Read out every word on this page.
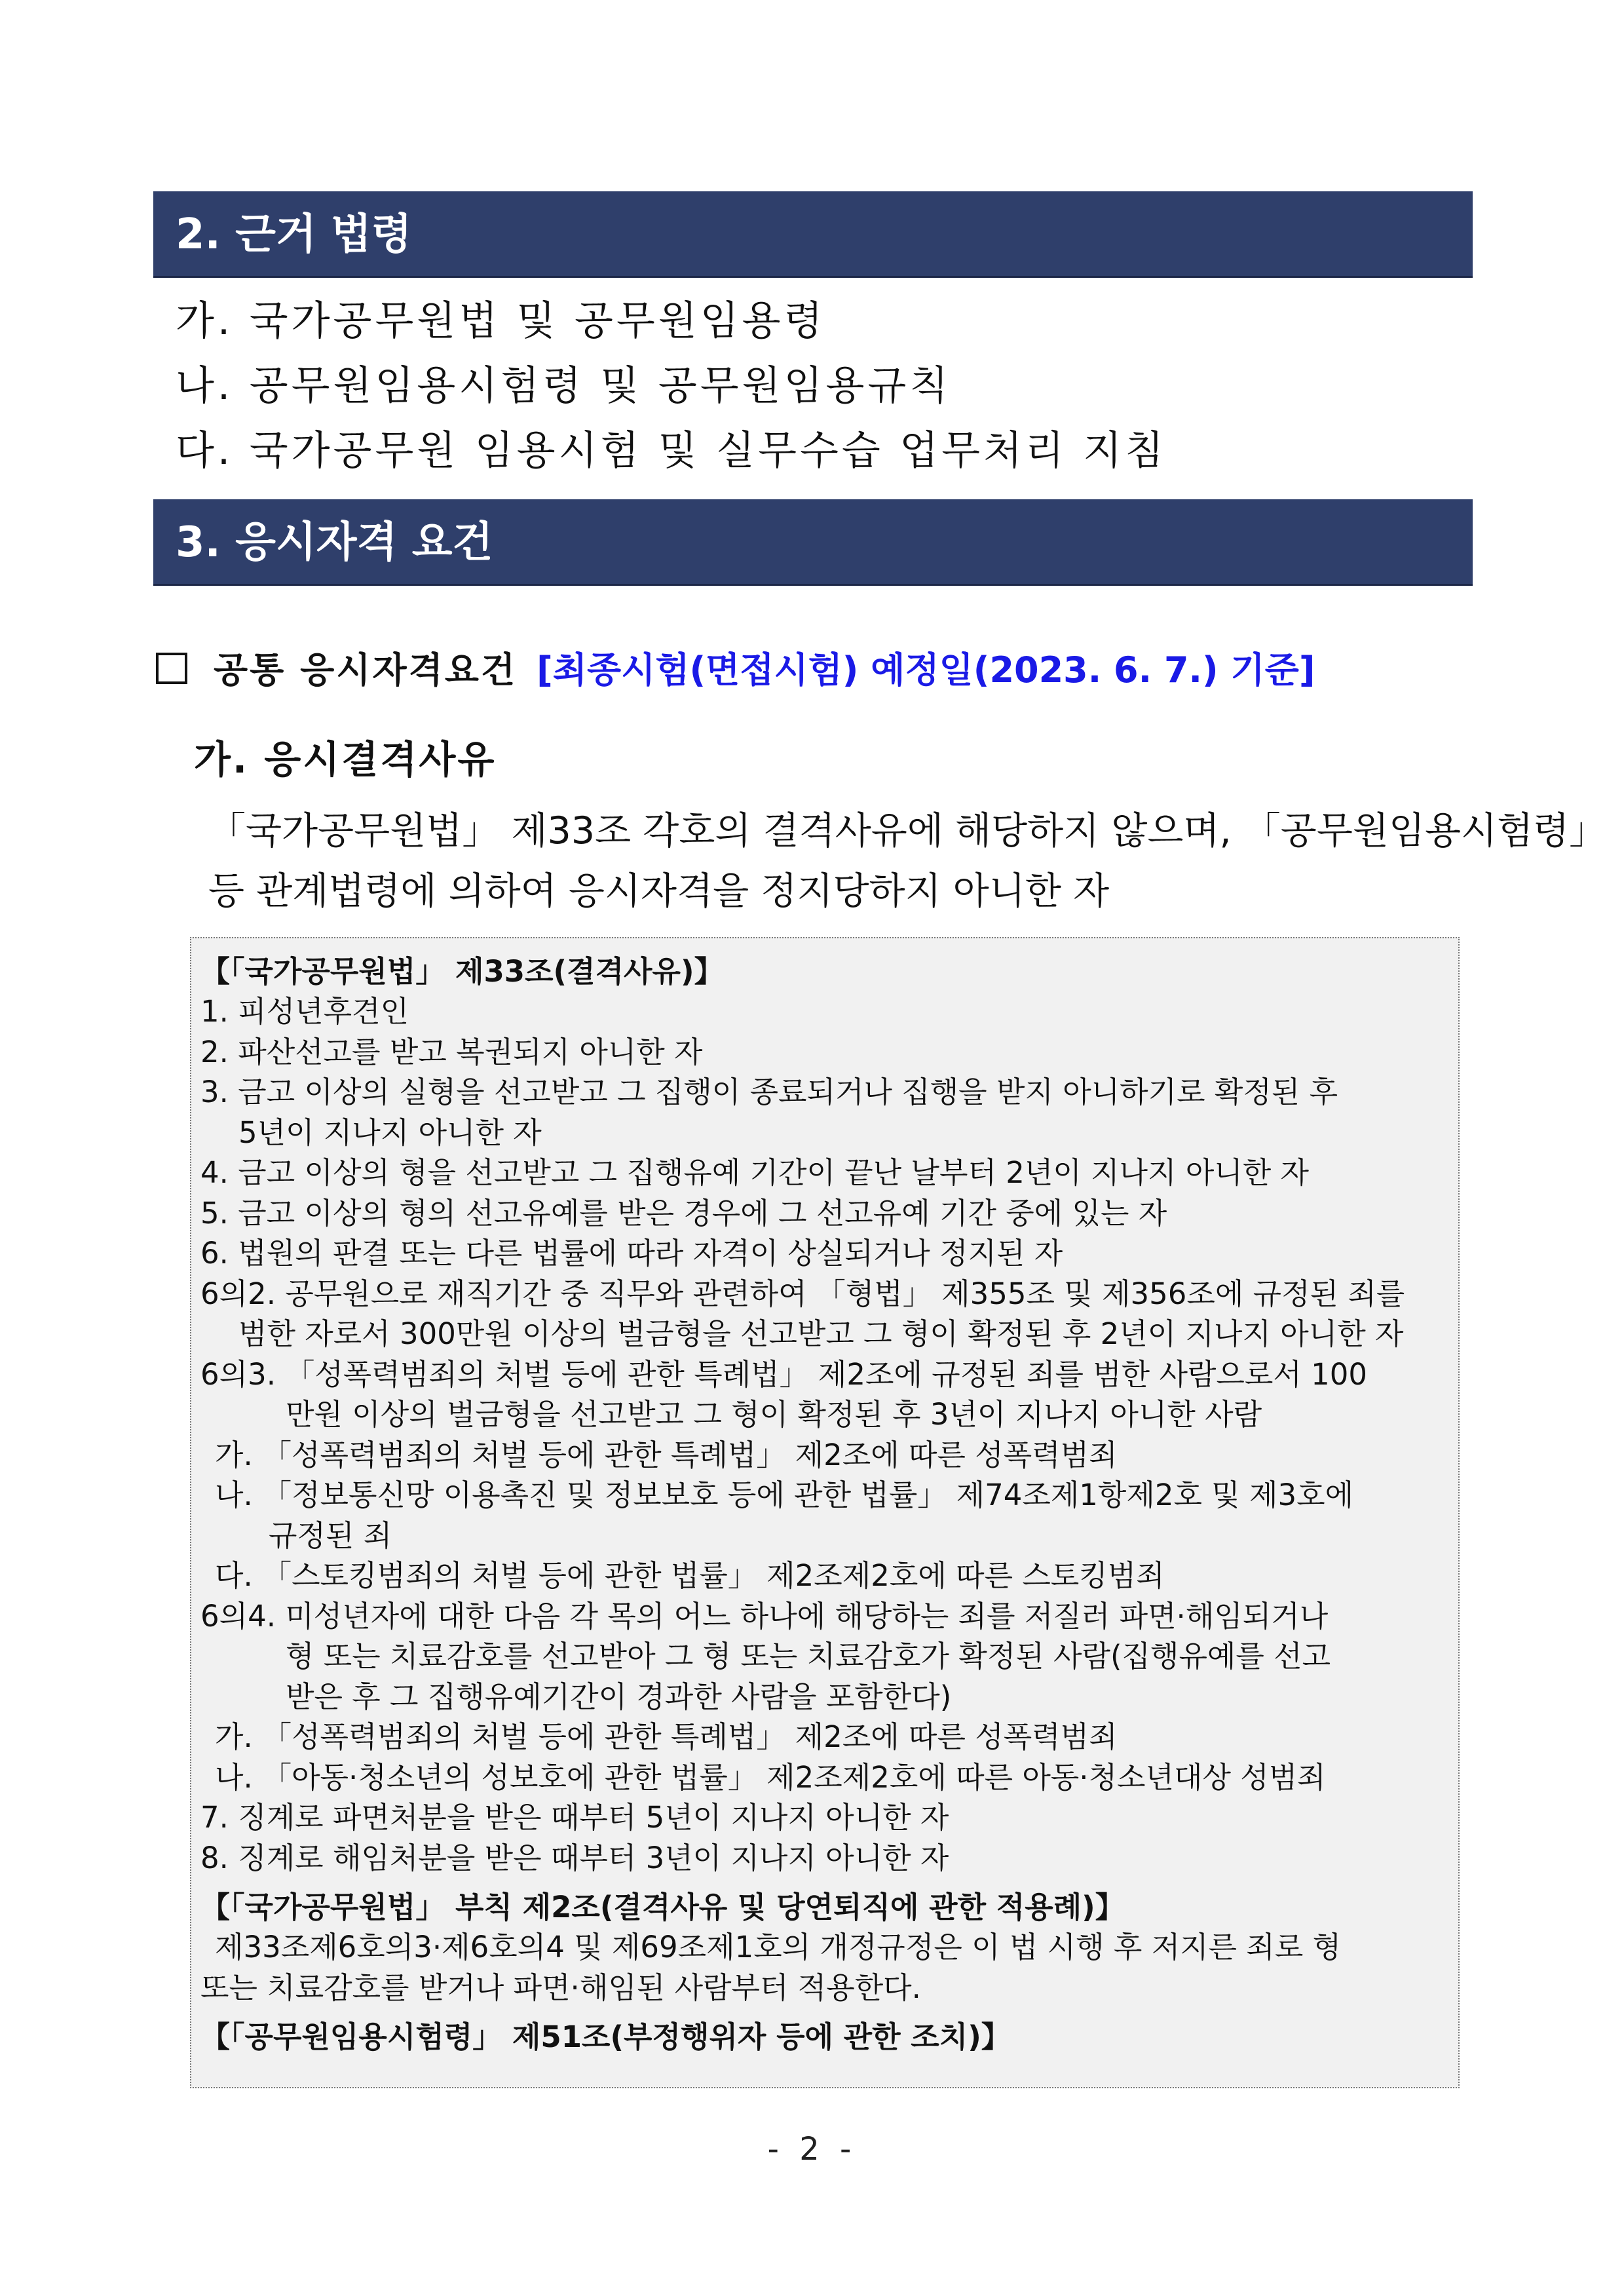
2. 근거 법령
가. 국가공무원법 및 공무원임용령
나. 공무원임용시험령 및 공무원임용규칙
다. 국가공무원 임용시험 및 실무수습 업무처리 지침
3. 응시자격 요건
공통 응시자격요건 [최종시험(면접시험) 예정일(2023. 6. 7.) 기준]
가. 응시결격사유
「국가공무원법」 제33조 각호의 결격사유에 해당하지 않으며, 「공무원임용시험령」
등 관계법령에 의하여 응시자격을 정지당하지 아니한 자
【「국가공무원법」 제33조(결격사유)】
1. 피성년후견인
2. 파산선고를 받고 복권되지 아니한 자
3. 금고 이상의 실형을 선고받고 그 집행이 종료되거나 집행을 받지 아니하기로 확정된 후
5년이 지나지 아니한 자
4. 금고 이상의 형을 선고받고 그 집행유예 기간이 끝난 날부터 2년이 지나지 아니한 자
5. 금고 이상의 형의 선고유예를 받은 경우에 그 선고유예 기간 중에 있는 자
6. 법원의 판결 또는 다른 법률에 따라 자격이 상실되거나 정지된 자
6의2. 공무원으로 재직기간 중 직무와 관련하여 「형법」 제355조 및 제356조에 규정된 죄를
범한 자로서 300만원 이상의 벌금형을 선고받고 그 형이 확정된 후 2년이 지나지 아니한 자
6의3. 「성폭력범죄의 처벌 등에 관한 특례법」 제2조에 규정된 죄를 범한 사람으로서 100
만원 이상의 벌금형을 선고받고 그 형이 확정된 후 3년이 지나지 아니한 사람
가. 「성폭력범죄의 처벌 등에 관한 특례법」 제2조에 따른 성폭력범죄
나. 「정보통신망 이용촉진 및 정보보호 등에 관한 법률」 제74조제1항제2호 및 제3호에
규정된 죄
다. 「스토킹범죄의 처벌 등에 관한 법률」 제2조제2호에 따른 스토킹범죄
6의4. 미성년자에 대한 다음 각 목의 어느 하나에 해당하는 죄를 저질러 파면·해임되거나
형 또는 치료감호를 선고받아 그 형 또는 치료감호가 확정된 사람(집행유예를 선고
받은 후 그 집행유예기간이 경과한 사람을 포함한다)
가. 「성폭력범죄의 처벌 등에 관한 특례법」 제2조에 따른 성폭력범죄
나. 「아동·청소년의 성보호에 관한 법률」 제2조제2호에 따른 아동·청소년대상 성범죄
7. 징계로 파면처분을 받은 때부터 5년이 지나지 아니한 자
8. 징계로 해임처분을 받은 때부터 3년이 지나지 아니한 자
【「국가공무원법」 부칙 제2조(결격사유 및 당연퇴직에 관한 적용례)】
제33조제6호의3·제6호의4 및 제69조제1호의 개정규정은 이 법 시행 후 저지른 죄로 형
또는 치료감호를 받거나 파면·해임된 사람부터 적용한다.
【「공무원임용시험령」 제51조(부정행위자 등에 관한 조치)】
- 2 -
